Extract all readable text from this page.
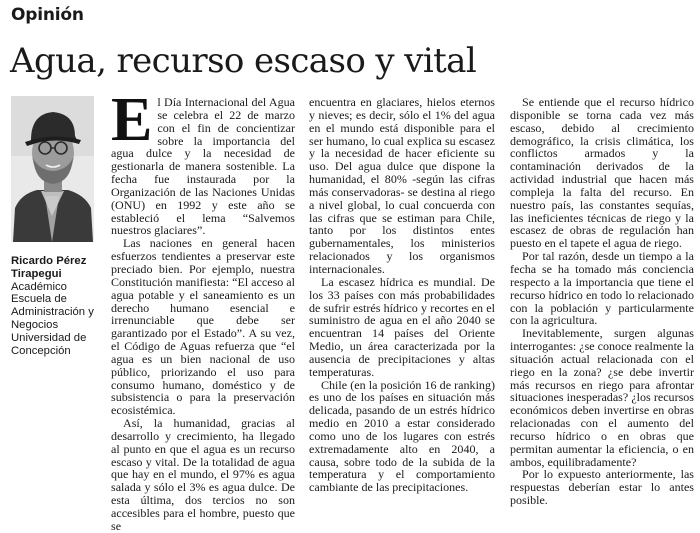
Opinión
Agua, recurso escaso y vital
Ricardo Pérez Tirapegui
Académico Escuela de Administración y Negocios Universidad de Concepción

El Día Internacional del Agua se celebra el 22 de marzo con el fin de concientizar sobre la importancia del agua dulce y la necesidad de gestionarla de manera sostenible. La fecha fue instaurada por la Organización de las Naciones Unidas (ONU) en 1992 y este año se estableció el lema “Salvemos nuestros glaciares”.

Las naciones en general hacen esfuerzos tendientes a preservar este preciado bien. Por ejemplo, nuestra Constitución manifiesta: “El acceso al agua potable y el saneamiento es un derecho humano esencial e irrenunciable que debe ser garantizado por el Estado”. A su vez, el Código de Aguas refuerza que “el agua es un bien nacional de uso público, priorizando el uso para consumo humano, doméstico y de subsistencia o para la preservación ecosistémica.

Así, la humanidad, gracias al desarrollo y crecimiento, ha llegado al punto en que el agua es un recurso escaso y vital. De la totalidad de agua que hay en el mundo, el 97% es agua salada y sólo el 3% es agua dulce. De esta última, dos tercios no son accesibles para el hombre, puesto que se

encuentra en glaciares, hielos eternos y nieves; es decir, sólo el 1% del agua en el mundo está disponible para el ser humano, lo cual explica su escasez y la necesidad de hacer eficiente su uso. Del agua dulce que dispone la humanidad, el 80% -según las cifras más conservadoras- se destina al riego a nivel global, lo cual concuerda con las cifras que se estiman para Chile, tanto por los distintos entes gubernamentales, los ministerios relacionados y los organismos internacionales.

La escasez hídrica es mundial. De los 33 países con más probabilidades de sufrir estrés hídrico y recortes en el suministro de agua en el año 2040 se encuentran 14 países del Oriente Medio, un área caracterizada por la ausencia de precipitaciones y altas temperaturas.

Chile (en la posición 16 de ranking) es uno de los países en situación más delicada, pasando de un estrés hídrico medio en 2010 a estar considerado como uno de los lugares con estrés extremadamente alto en 2040, a causa, sobre todo de la subida de la temperatura y el comportamiento cambiante de las precipitaciones.

Se entiende que el recurso hídrico disponible se torna cada vez más escaso, debido al crecimiento demográfico, la crisis climática, los conflictos armados y la contaminación derivados de la actividad industrial que hacen más compleja la falta del recurso. En nuestro país, las constantes sequías, las ineficientes técnicas de riego y la escasez de obras de regulación han puesto en el tapete el agua de riego.

Por tal razón, desde un tiempo a la fecha se ha tomado más conciencia respecto a la importancia que tiene el recurso hídrico en todo lo relacionado con la población y particularmente con la agricultura.

Inevitablemente, surgen algunas interrogantes: ¿se conoce realmente la situación actual relacionada con el riego en la zona? ¿se debe invertir más recursos en riego para afrontar situaciones inesperadas? ¿los recursos económicos deben invertirse en obras relacionadas con el aumento del recurso hídrico o en obras que permitan aumentar la eficiencia, o en ambos, equilibradamente?

Por lo expuesto anteriormente, las respuestas deberían estar lo antes posible.
